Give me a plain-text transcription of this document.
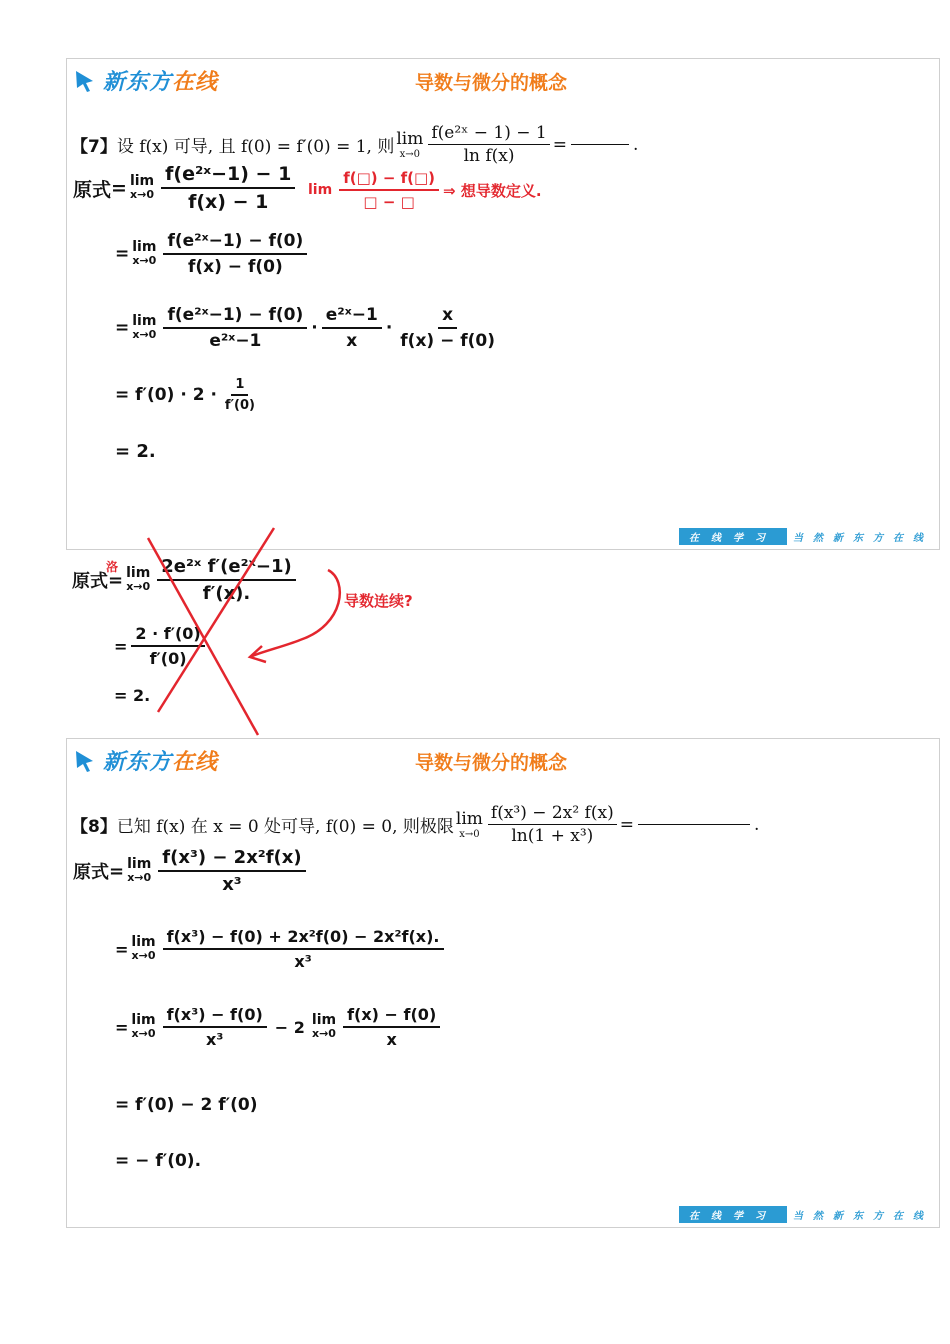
新东方在线	导数与微分的概念
【7】 设 f(x) 可导, 且 f(0) = f′(0) = 1, 则 lim
$x\to 0 \frac{\text{f(e²ˣ − 1) − 1}}{\text{ln f(x)}}$ =	.
原式 = lim
$x\to 0 \frac{\text{f(e²ˣ−1) − 1}}{f(x) - 1}$ $\lim \frac{f(□) - f(□)}{□ - □}$ ⇒ 想导数定义.
= lim
$x\to 0 \frac{\text{f(e²ˣ−1) − f(0)}}{f(x) - f(0)}$
= lim
$x\to 0 \frac{\text{f(e²ˣ−1) − f(0)}}{\text{e²ˣ−1}} \cdot \frac{\text{e²ˣ−1}}{x} \cdot \frac{x}{f(x) - f(0)}$
= $f'(0) \cdot 2 \cdot \frac{1}{f'(0)}$
= 2.
在线学习	当然新东方在线
原式 =
洛 lim
$x\to 0 \frac{\text{2e²ˣ f′(e²ˣ−1)}}{f'(x).}$
= $\frac{2 \cdot f'(0)}{f'(0)}$
= 2.
导数连续?
新东方在线	导数与微分的概念
【8】 已知 f(x) 在 x = 0 处可导, f(0) = 0, 则极限 lim
$x\to 0 \frac{\text{f(x³) − 2x² f(x)}}{\text{ln(1 + x³)}}$ =	.
原式 = lim
$x\to 0 \frac{\text{f(x³) − 2x²f(x)}}{\text{x³}}$
= lim
$x\to 0 \frac{\text{f(x³) − f(0) + 2x²f(0) − 2x²f(x).}}{\text{x³}}$
= lim
$x\to 0 \frac{\text{f(x³) − f(0)}}{\text{x³}} - 2$ lim
$x\to 0 \frac{f(x) - f(0)}{x}$
= f′(0) − 2 f′(0)
= − f′(0).
在线学习	当然新东方在线
